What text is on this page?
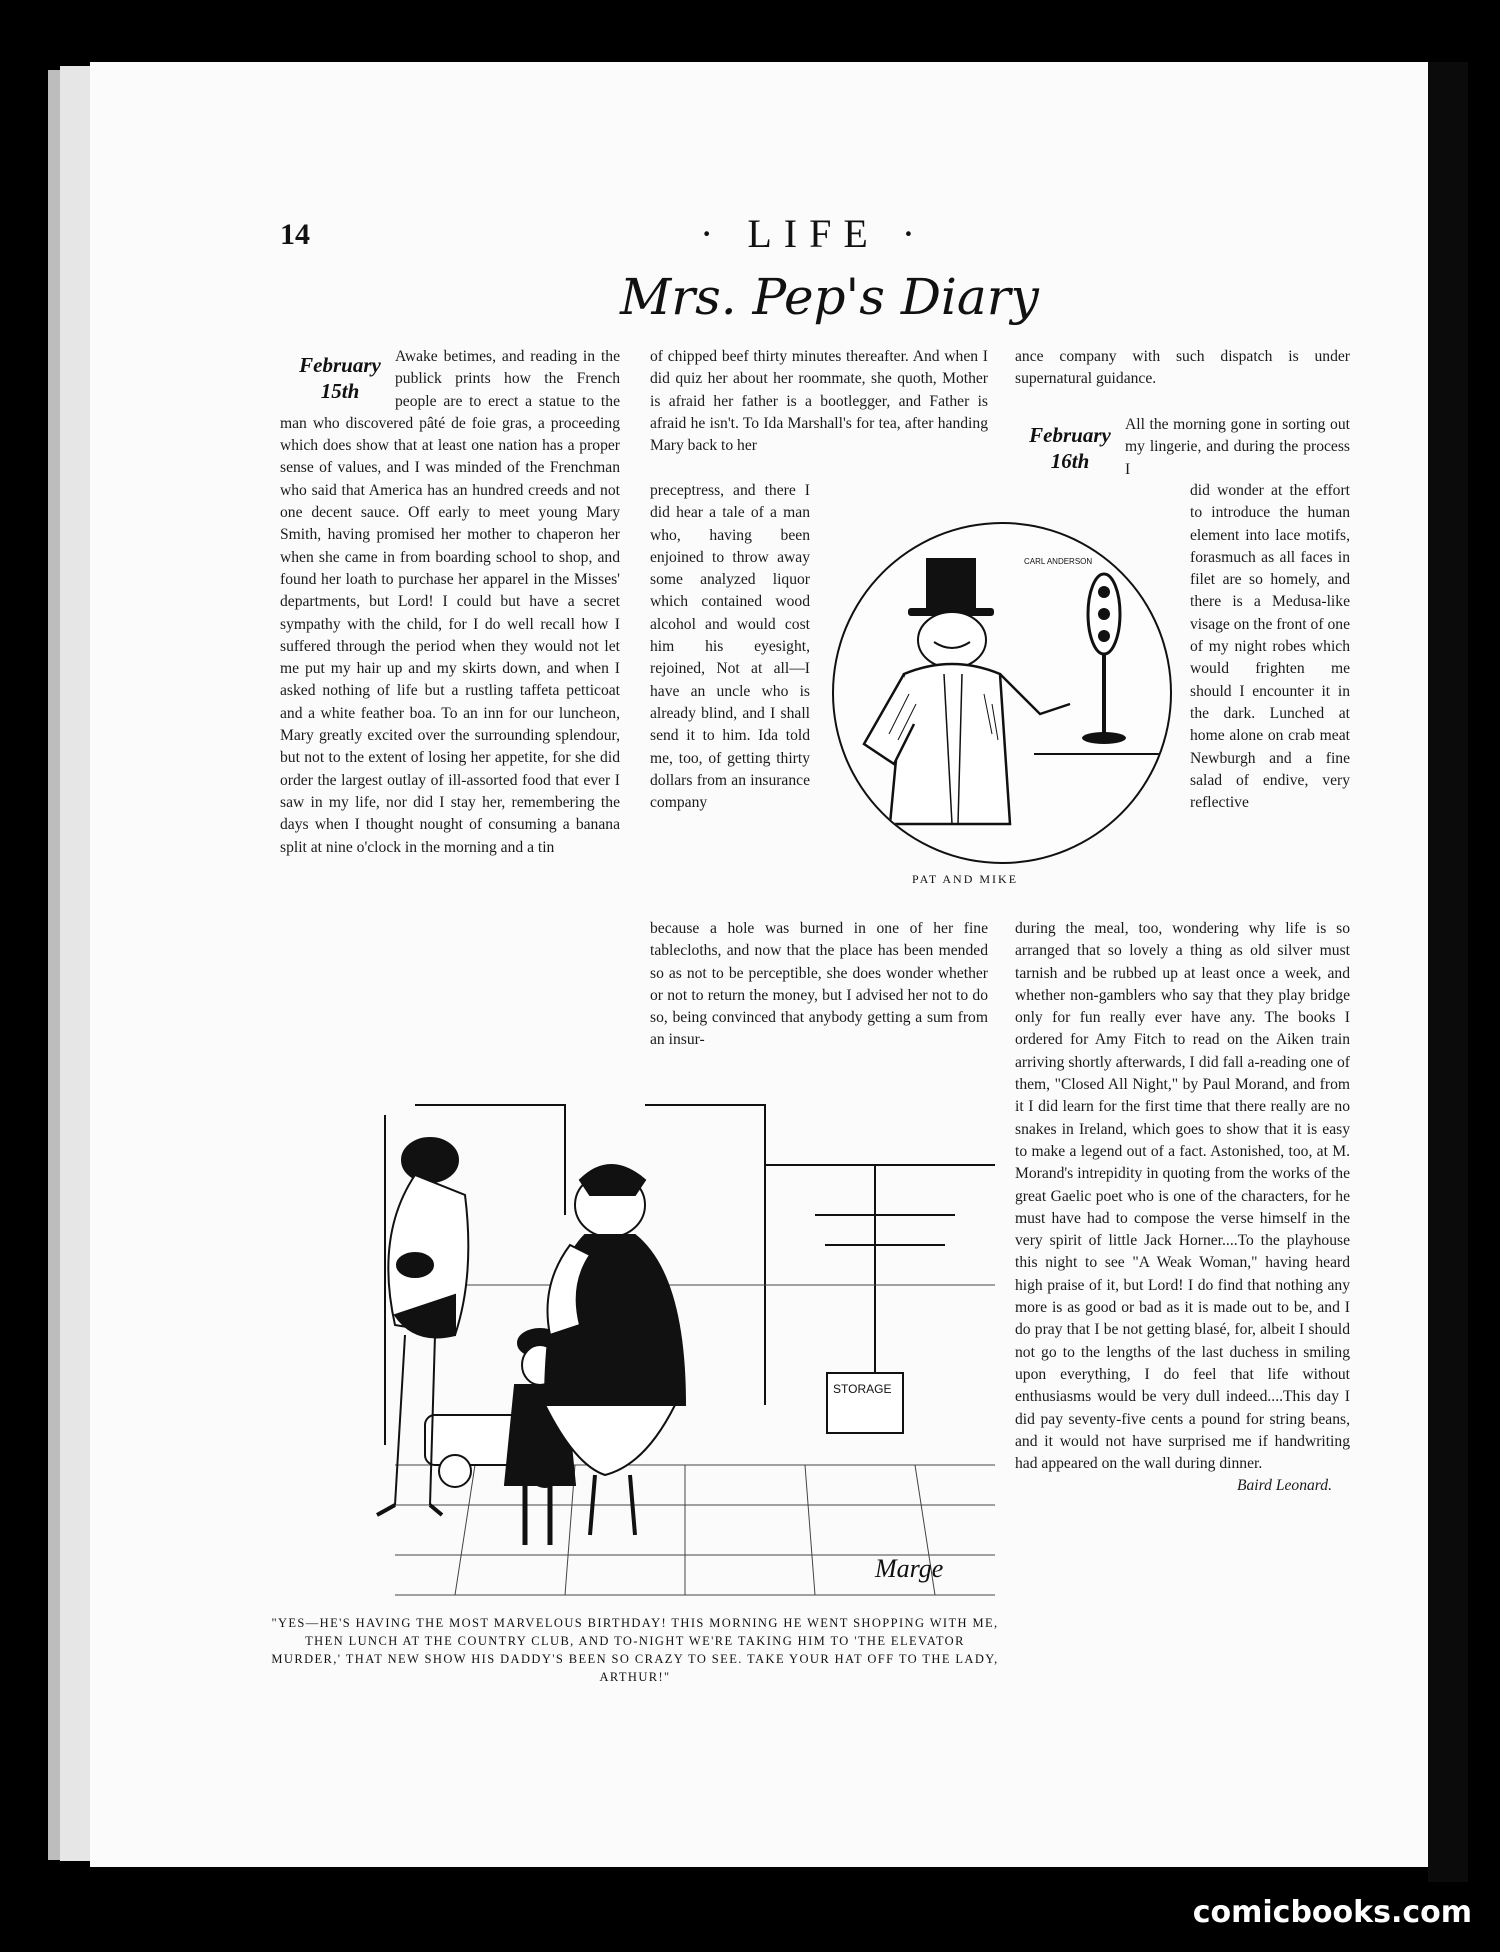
14	· LIFE ·
Mrs. Pep's Diary
February
15th

Awake betimes, and reading in the publick prints how the French people are to erect a statue to the man who discovered pâté de foie gras, a proceeding which does show that at least one nation has a proper sense of values, and I was minded of the Frenchman who said that America has an hundred creeds and not one decent sauce. Off early to meet young Mary Smith, having promised her mother to chaperon her when she came in from boarding school to shop, and found her loath to purchase her apparel in the Misses' departments, but Lord! I could but have a secret sympathy with the child, for I do well recall how I suffered through the period when they would not let me put my hair up and my skirts down, and when I asked nothing of life but a rustling taffeta petticoat and a white feather boa. To an inn for our luncheon, Mary greatly excited over the surrounding splendour, but not to the extent of losing her appetite, for she did order the largest outlay of ill-assorted food that ever I saw in my life, nor did I stay her, remembering the days when I thought nought of consuming a banana split at nine o'clock in the morning and a tin

of chipped beef thirty minutes thereafter. And when I did quiz her about her roommate, she quoth, Mother is afraid her father is a bootlegger, and Father is afraid he isn't. To Ida Marshall's for tea, after handing Mary back to her

preceptress, and there I did hear a tale of a man who, having been enjoined to throw away some analyzed liquor which contained wood alcohol and would cost him his eyesight, rejoined, Not at all—I have an uncle who is already blind, and I shall send it to him. Ida told me, too, of getting thirty dollars from an insurance company

because a hole was burned in one of her fine tablecloths, and now that the place has been mended so as not to be perceptible, she does wonder whether or not to return the money, but I advised her not to do so, being convinced that anybody getting a sum from an insur-

ance company with such dispatch is under supernatural guidance.

February
16th

All the morning gone in sorting out my lingerie, and during the process I

did wonder at the effort to introduce the human element into lace motifs, forasmuch as all faces in filet are so homely, and there is a Medusa-like visage on the front of one of my night robes which would frighten me should I encounter it in the dark. Lunched at home alone on crab meat Newburgh and a fine salad of endive, very reflective

during the meal, too, wondering why life is so arranged that so lovely a thing as old silver must tarnish and be rubbed up at least once a week, and whether non-gamblers who say that they play bridge only for fun really ever have any. The books I ordered for Amy Fitch to read on the Aiken train arriving shortly afterwards, I did fall a-reading one of them, "Closed All Night," by Paul Morand, and from it I did learn for the first time that there really are no snakes in Ireland, which goes to show that it is easy to make a legend out of a fact. Astonished, too, at M. Morand's intrepidity in quoting from the works of the great Gaelic poet who is one of the characters, for he must have had to compose the verse himself in the very spirit of little Jack Horner....To the playhouse this night to see "A Weak Woman," having heard high praise of it, but Lord! I do find that nothing any more is as good or bad as it is made out to be, and I do pray that I be not getting blasé, for, albeit I should not go to the lengths of the last duchess in smiling upon everything, I do feel that life without enthusiasms would be very dull indeed....This day I did pay seventy-five cents a pound for string beans, and it would not have surprised me if handwriting had appeared on the wall during dinner.

Baird Leonard.

CARL ANDERSON
PAT AND MIKE
STORAGE
Marge
"YES—HE'S HAVING THE MOST MARVELOUS BIRTHDAY! THIS MORNING HE WENT SHOPPING WITH ME, THEN LUNCH AT THE COUNTRY CLUB, AND TO-NIGHT WE'RE TAKING HIM TO 'THE ELEVATOR MURDER,' THAT NEW SHOW HIS DADDY'S BEEN SO CRAZY TO SEE. TAKE YOUR HAT OFF TO THE LADY, ARTHUR!"
comicbooks.com
